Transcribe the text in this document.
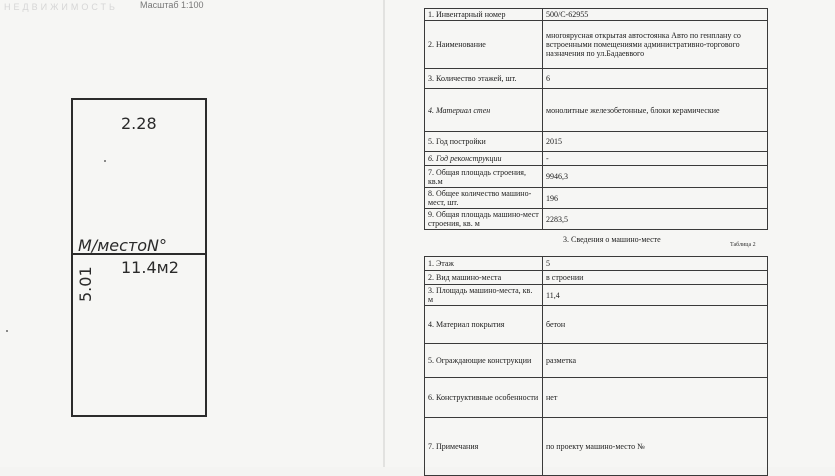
НЕДВИЖИМОСТЬ Масштаб 1:100
2.28
М/местоN°
11.4м2
5.01
1. Инвентарный номер	500/С-62955
2. Наименование	многоярусная открытая автостоянка Авто по генплану со встроенными помещениями административно-торгового назначения по ул.Бадаеввого
3. Количество этажей, шт.	6
4. Материал стен	монолитные железобетонные, блоки керамические
5. Год постройки	2015
6. Год реконструкции	-
7. Общая площадь строения, кв.м	9946,3
8. Общее количество машино-мест, шт.	196
9. Общая площадь машино-мест строения, кв. м	2283,5
3. Сведения о машино-месте
Таблица 2
1. Этаж	5
2. Вид машино-места	в строении
3. Площадь машино-места, кв. м	11,4
4. Материал покрытия	бетон
5. Ограждающие конструкции	разметка
6. Конструктивные особенности	нет
7. Примечания	по проекту машино-место №
